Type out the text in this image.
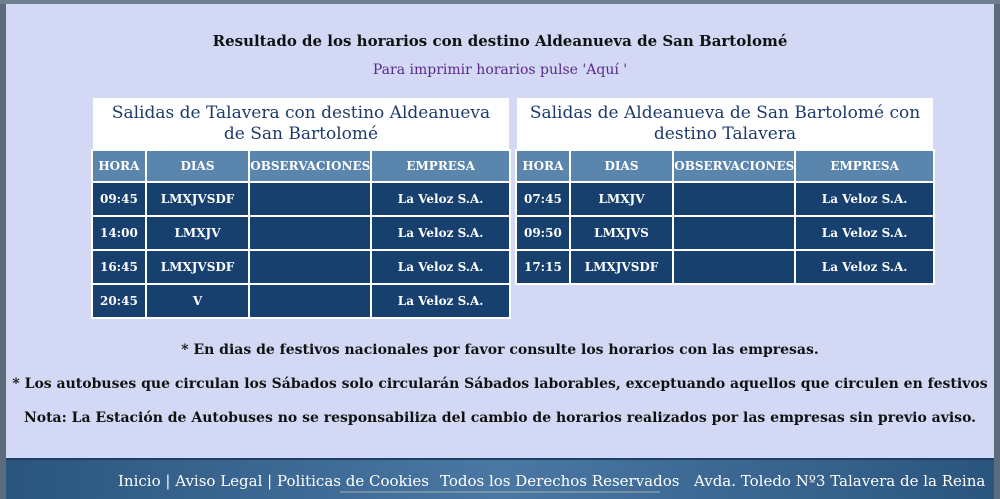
Resultado de los horarios con destino Aldeanueva de San Bartolomé
Para imprimir horarios pulse 'Aquí '
Salidas de Talavera con destino Aldeanueva de San Bartolomé
HORA	DIAS	OBSERVACIONES	EMPRESA
09:45	LMXJVSDF		La Veloz S.A.
14:00	LMXJV		La Veloz S.A.
16:45	LMXJVSDF		La Veloz S.A.
20:45	V		La Veloz S.A.
Salidas de Aldeanueva de San Bartolomé con destino Talavera
HORA	DIAS	OBSERVACIONES	EMPRESA
07:45	LMXJV		La Veloz S.A.
09:50	LMXJVS		La Veloz S.A.
17:15	LMXJVSDF		La Veloz S.A.
* En dias de festivos nacionales por favor consulte los horarios con las empresas.
* Los autobuses que circulan los Sábados solo circularán Sábados laborables, exceptuando aquellos que circulen en festivos
Nota: La Estación de Autobuses no se responsabiliza del cambio de horarios realizados por las empresas sin previo aviso.
Inicio | Aviso Legal | Politicas de Cookies Todos los Derechos Reservados Avda. Toledo Nº3 Talavera de la Reina
